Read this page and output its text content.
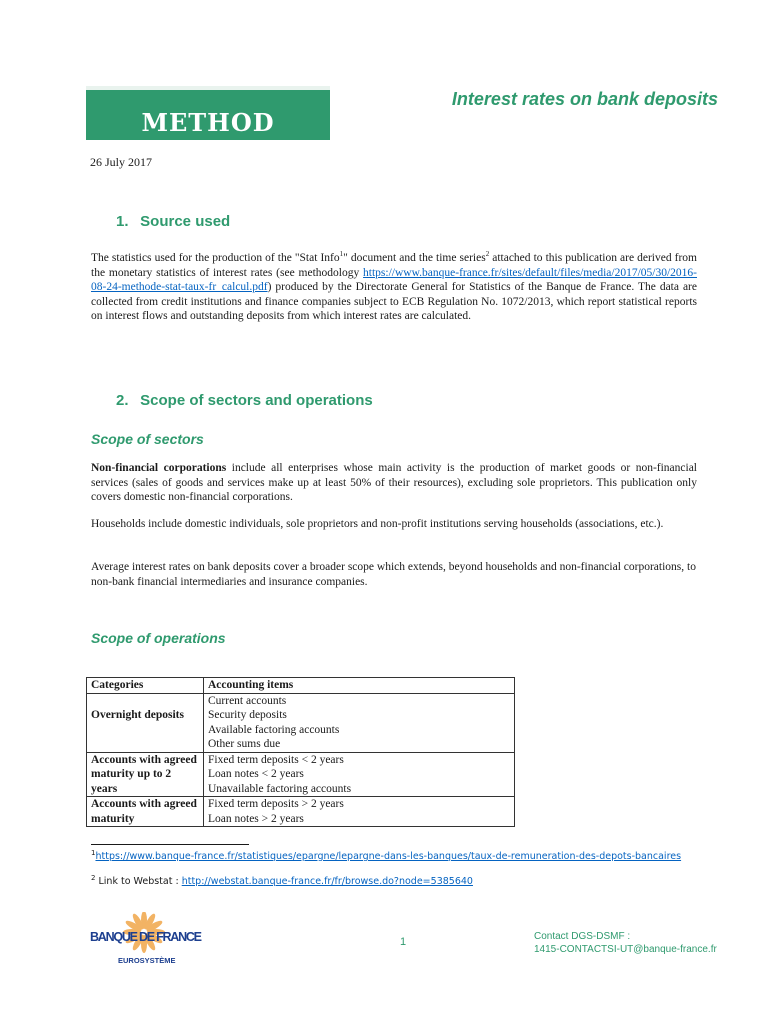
METHOD
Interest rates on bank deposits
26 July 2017
1. Source used
The statistics used for the production of the "Stat Info$^1$" document and the time series$^2$ attached to this publication are derived from the monetary statistics of interest rates (see methodology https://www.banque-france.fr/sites/default/files/media/2017/05/30/2016-08-24-methode-stat-taux-fr_calcul.pdf) produced by the Directorate General for Statistics of the Banque de France. The data are collected from credit institutions and finance companies subject to ECB Regulation No. 1072/2013, which report statistical reports on interest flows and outstanding deposits from which interest rates are calculated.
2. Scope of sectors and operations
Scope of sectors
Non-financial corporations include all enterprises whose main activity is the production of market goods or non-financial services (sales of goods and services make up at least 50% of their resources), excluding sole proprietors. This publication only covers domestic non-financial corporations.
Households include domestic individuals, sole proprietors and non-profit institutions serving households (associations, etc.).
Average interest rates on bank deposits cover a broader scope which extends, beyond households and non-financial corporations, to non-bank financial intermediaries and insurance companies.
Scope of operations
Categories	Accounting items
Overnight deposits	Current accounts
Security deposits
Available factoring accounts
Other sums due

Accounts with agreed maturity up to 2 years	Fixed term deposits < 2 years
Loan notes < 2 years
Unavailable factoring accounts

Accounts with agreed maturity	Fixed term deposits > 2 years
Loan notes > 2 years
$^1$https://www.banque-france.fr/statistiques/epargne/lepargne-dans-les-banques/taux-de-remuneration-des-depots-bancaires
$^2$ Link to Webstat : http://webstat.banque-france.fr/fr/browse.do?node=5385640
BANQUE DE FRANCE
EUROSYSTÈME
1	Contact DGS-DSMF :
1415-CONTACTSI-UT@banque-france.fr
